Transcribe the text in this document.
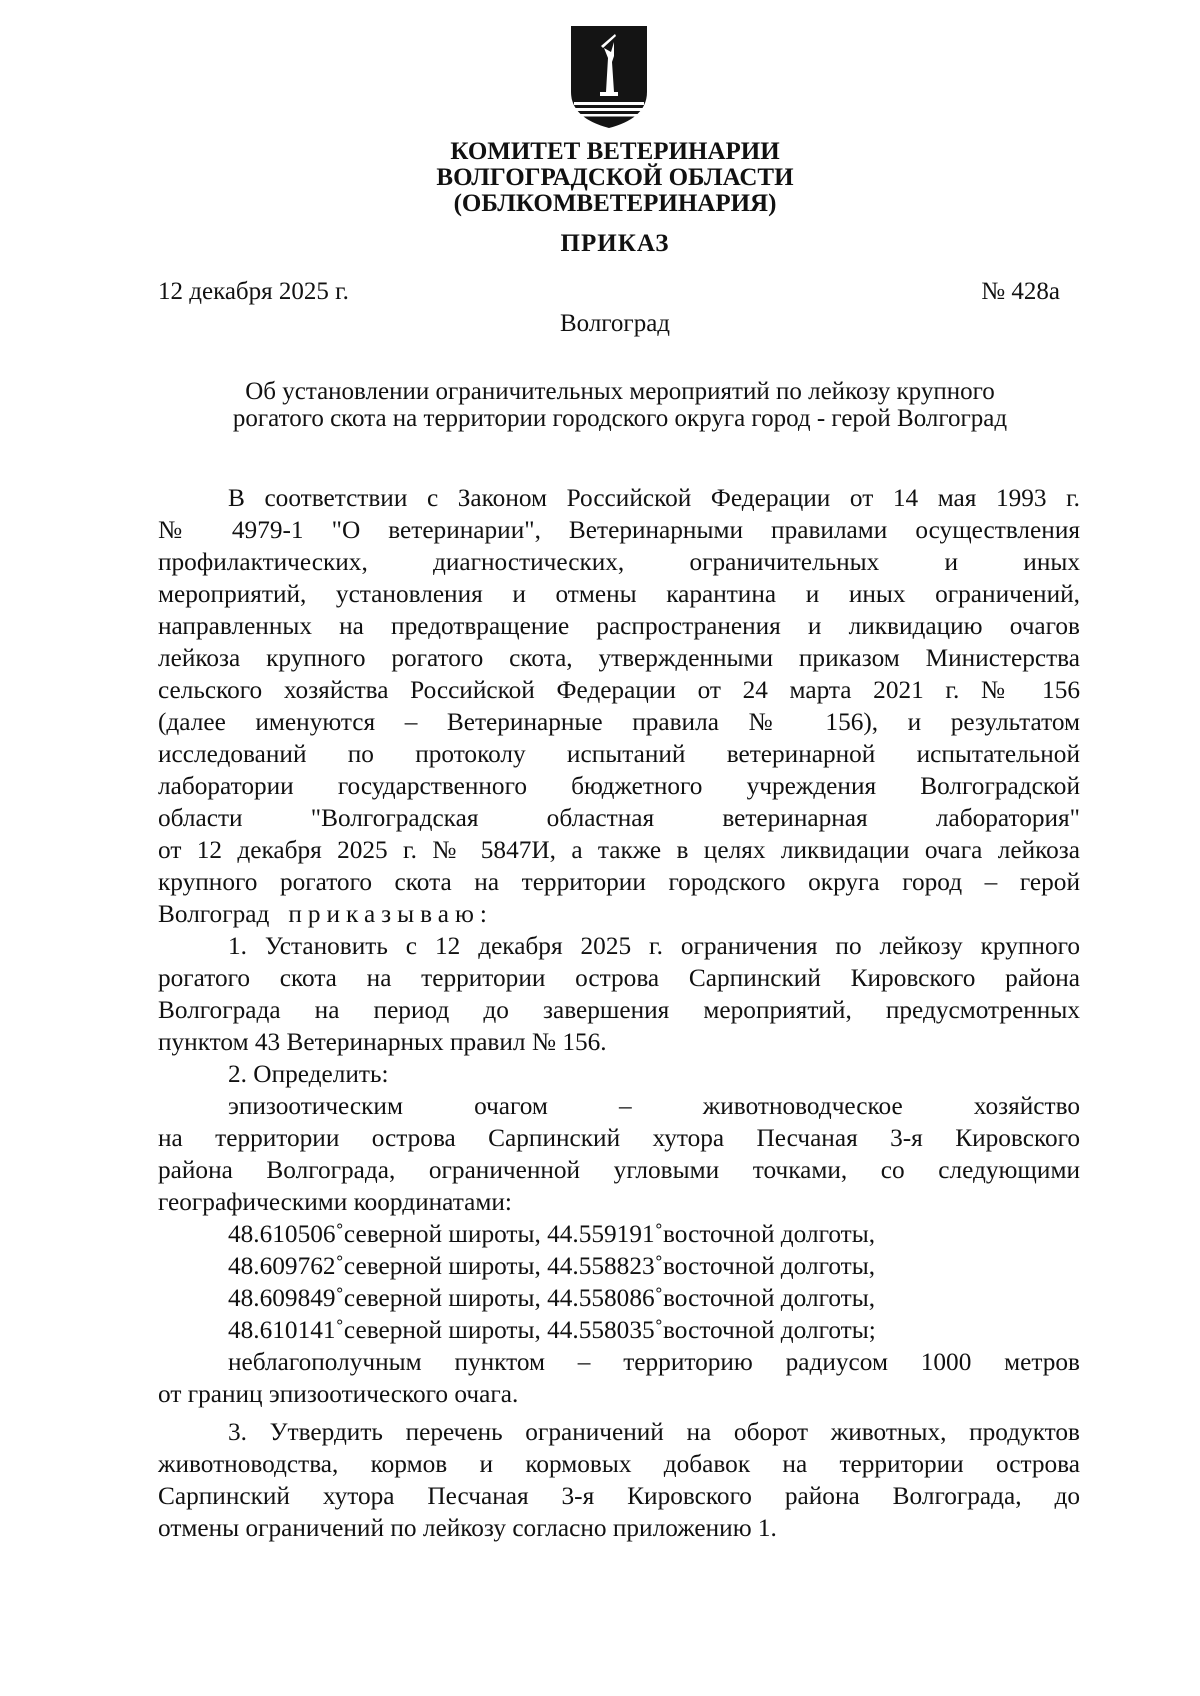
КОМИТЕТ ВЕТЕРИНАРИИ
ВОЛГОГРАДСКОЙ ОБЛАСТИ
(ОБЛКОМВЕТЕРИНАРИЯ)
ПРИКАЗ
12 декабря 2025 г.	№ 428а
Волгоград
Об установлении ограничительных мероприятий по лейкозу крупного
рогатого скота на территории городского округа город - герой Волгоград
В соответствии с Законом Российской Федерации от 14 мая 1993 г.
№ 4979-1 "О ветеринарии", Ветеринарными правилами осуществления
профилактических, диагностических, ограничительных и иных
мероприятий, установления и отмены карантина и иных ограничений,
направленных на предотвращение распространения и ликвидацию очагов
лейкоза крупного рогатого скота, утвержденными приказом Министерства
сельского хозяйства Российской Федерации от 24 марта 2021 г. № 156
(далее именуются – Ветеринарные правила № 156), и результатом
исследований по протоколу испытаний ветеринарной испытательной
лаборатории государственного бюджетного учреждения Волгоградской
области "Волгоградская областная ветеринарная лаборатория"
от 12 декабря 2025 г. № 5847И, а также в целях ликвидации очага лейкоза
крупного рогатого скота на территории городского округа город – герой
Волгоград приказываю:
1. Установить с 12 декабря 2025 г. ограничения по лейкозу крупного
рогатого скота на территории острова Сарпинский Кировского района
Волгограда на период до завершения мероприятий, предусмотренных
пунктом 43 Ветеринарных правил № 156.
2. Определить:
эпизоотическим очагом – животноводческое хозяйство
на территории острова Сарпинский хутора Песчаная 3-я Кировского
района Волгограда, ограниченной угловыми точками, со следующими
географическими координатами:
48.610506˚северной широты, 44.559191˚восточной долготы,
48.609762˚северной широты, 44.558823˚восточной долготы,
48.609849˚северной широты, 44.558086˚восточной долготы,
48.610141˚северной широты, 44.558035˚восточной долготы;
неблагополучным пунктом – территорию радиусом 1000 метров
от границ эпизоотического очага.
3. Утвердить перечень ограничений на оборот животных, продуктов
животноводства, кормов и кормовых добавок на территории острова
Сарпинский хутора Песчаная 3-я Кировского района Волгограда, до
отмены ограничений по лейкозу согласно приложению 1.
